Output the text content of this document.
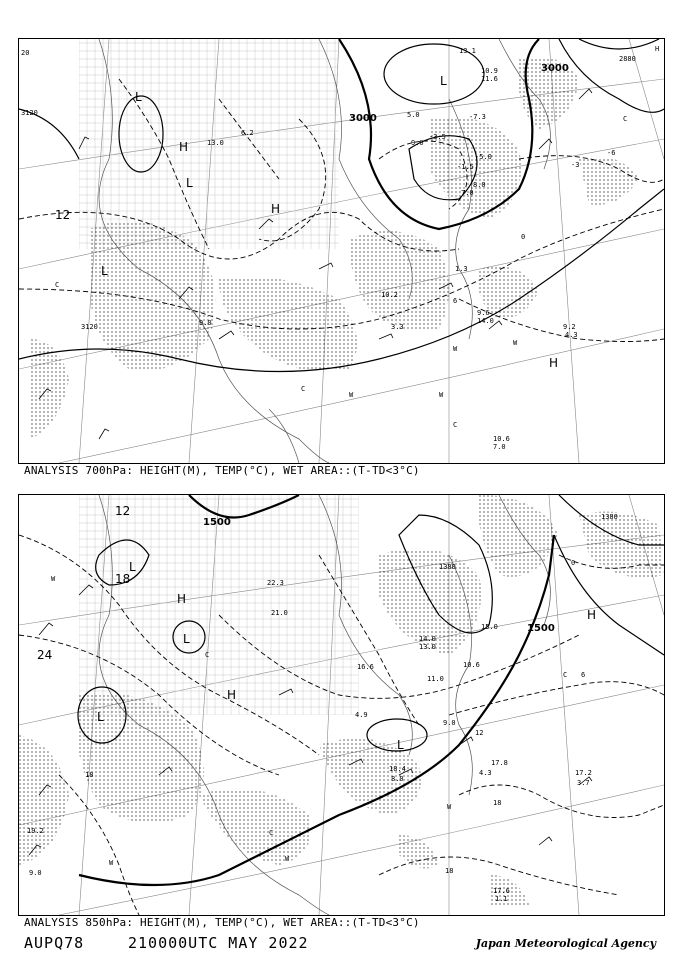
20
3120	3000
3000
3120
2880
L
H
L
L
H
L
H
W	W
W
W
H
C
C
C
C
12
-6
0
6
-3
6.2
5.0
-3.5
9.0
7.0
14.0
9.6
10.6
7.0
9.2
4.3
10.2
3.3
9.0
1.3
-7.3
-5.0
-1.5
13.1
10.9
11.6
8.0
13.0
ANALYSIS 700hPa: HEIGHT(M), TEMP(°C), WET AREA::(T-TD<3°C)
1500
1500
1380
1380
L
H
L
H
L
L
H
W
W	W
W
C
C
C
12
18
24
18
18
18
6
12
0
22.3
21.0
15.0
14.0
10.6
13.0
11.0
17.8
4.3	17.2
3.7
18.4
8.0
17.6
1.1
19.2
9.0
16.6
4.9
9.0
ANALYSIS 850hPa: HEIGHT(M), TEMP(°C), WET AREA::(T-TD<3°C)
AUPQ78	210000UTC MAY 2022	Japan Meteorological Agency
